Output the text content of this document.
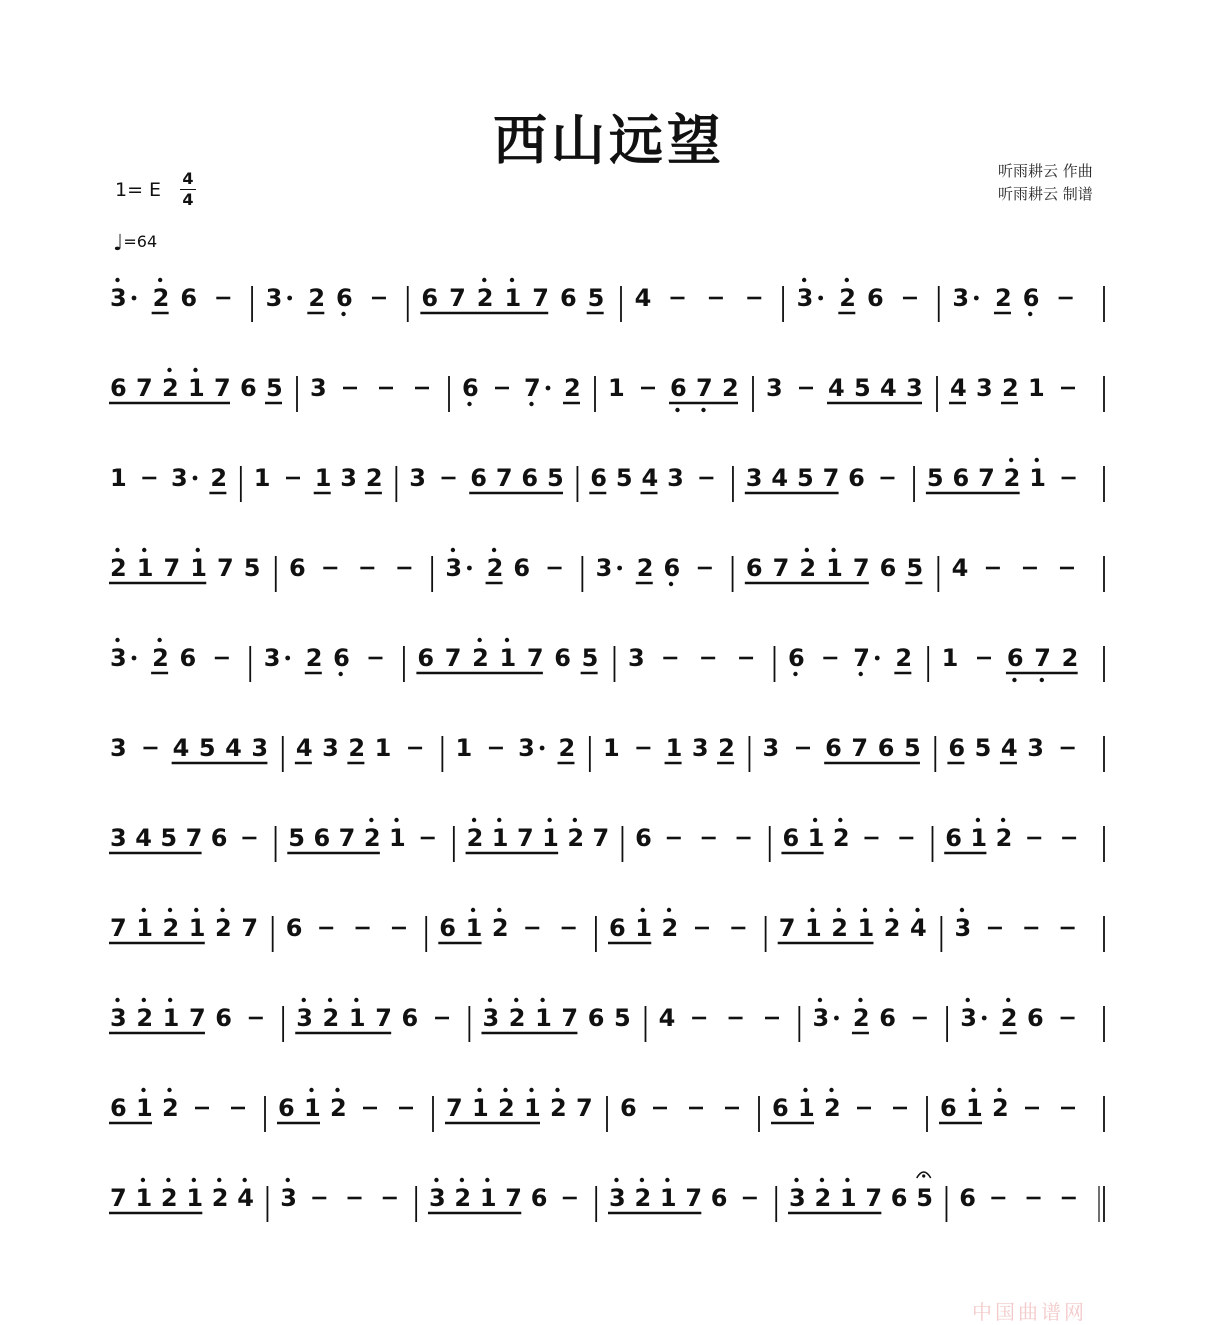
西山远望	听雨耕云 作曲
听雨耕云 制谱
1= E
4
4
♩=64
3 2 6	3 2 6	6 7 2 1 7 6 5 4	3 2 6	3 2 6
6 7 2 1 7 6 5 3	6 7 2 1 6 7 2 3 4 5 4 3 4 3 2 1
1 3 2 1 1 3 2 3 6 7 6 5 6 5 4 3	3 4 5 7 6	5 6 7 2 1
2 1 7 1 7 5 6	3 2 6	3 2 6	6 7 2 1 7 6 5 4
3 2 6	3 2 6	6 7 2 1 7 6 5 3	6 7 2 1 6 7 2
3 4 5 4 3 4 3 2 1	1 3 2 1 1 3 2 3 6 7 6 5 6 5 4 3
3 4 5 7 6	5 6 7 2 1	2 1 7 1 2 7 6	6 1 2	6 1 2
7 1 2 1 2 7 6	6 1 2	6 1 2	7 1 2 1 2 4 3
3 2 1 7 6	3 2 1 7 6	3 2 1 7 6 5 4	3 2 6	3 2 6
6 1 2	6 1 2	7 1 2 1 2 7 6	6 1 2	6 1 2
7 1 2 1 2 4 3	3 2 1 7 6	3 2 1 7 6	3 2 1 7 6 5 6
中国曲谱网
